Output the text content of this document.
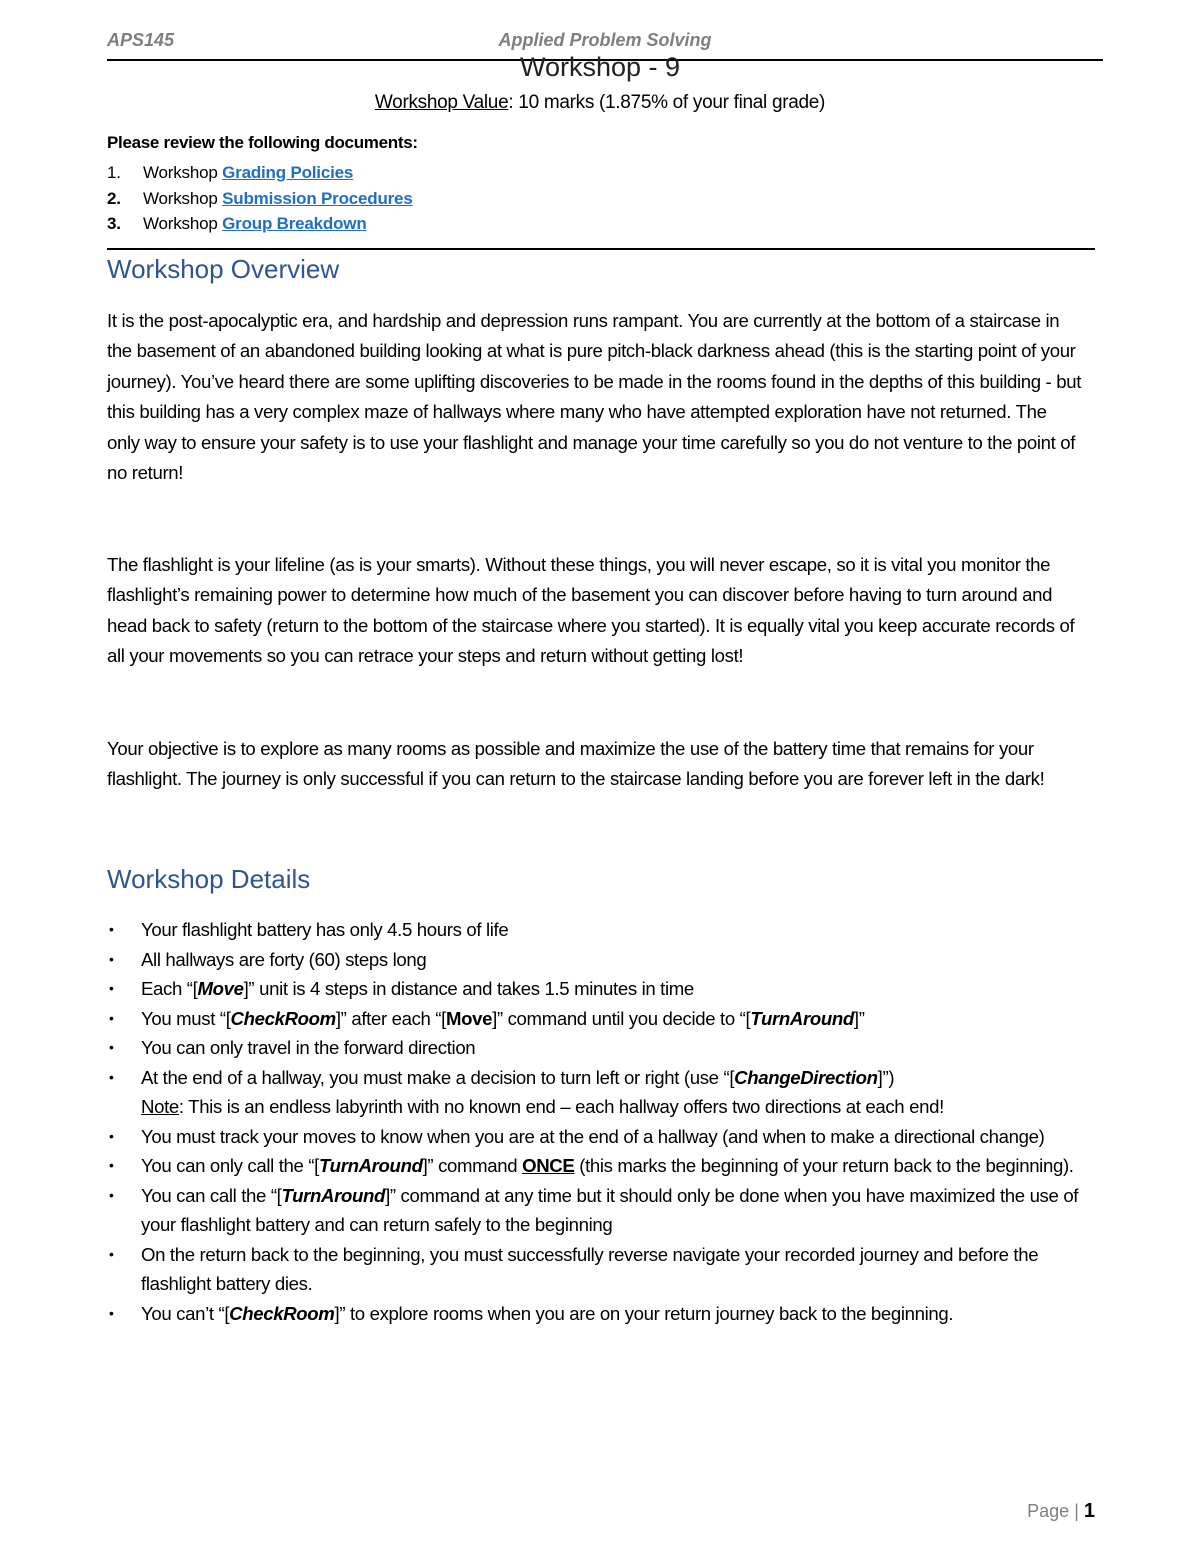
APS145	Applied Problem Solving
Workshop - 9
Workshop Value: 10 marks (1.875% of your final grade)
Please review the following documents:
1. Workshop Grading Policies
2. Workshop Submission Procedures
3. Workshop Group Breakdown
Workshop Overview

It is the post-apocalyptic era, and hardship and depression runs rampant. You are currently at the bottom of a staircase in the basement of an abandoned building looking at what is pure pitch-black darkness ahead (this is the starting point of your journey). You’ve heard there are some uplifting discoveries to be made in the rooms found in the depths of this building - but this building has a very complex maze of hallways where many who have attempted exploration have not returned. The only way to ensure your safety is to use your flashlight and manage your time carefully so you do not venture to the point of no return!

The flashlight is your lifeline (as is your smarts). Without these things, you will never escape, so it is vital you monitor the flashlight’s remaining power to determine how much of the basement you can discover before having to turn around and head back to safety (return to the bottom of the staircase where you started). It is equally vital you keep accurate records of all your movements so you can retrace your steps and return without getting lost!

Your objective is to explore as many rooms as possible and maximize the use of the battery time that remains for your flashlight. The journey is only successful if you can return to the staircase landing before you are forever left in the dark!

Workshop Details
• Your flashlight battery has only 4.5 hours of life
• All hallways are forty (60) steps long
• Each “[Move]” unit is 4 steps in distance and takes 1.5 minutes in time
• You must “[CheckRoom]” after each “[Move]” command until you decide to “[TurnAround]”
• You can only travel in the forward direction
• At the end of a hallway, you must make a decision to turn left or right (use “[ChangeDirection]”)
Note: This is an endless labyrinth with no known end – each hallway offers two directions at each end!
• You must track your moves to know when you are at the end of a hallway (and when to make a directional change)
• You can only call the “[TurnAround]” command ONCE (this marks the beginning of your return back to the beginning).
• You can call the “[TurnAround]” command at any time but it should only be done when you have maximized the use of your flashlight battery and can return safely to the beginning
• On the return back to the beginning, you must successfully reverse navigate your recorded journey and before the flashlight battery dies.
• You can’t “[CheckRoom]” to explore rooms when you are on your return journey back to the beginning.
Page | 1
